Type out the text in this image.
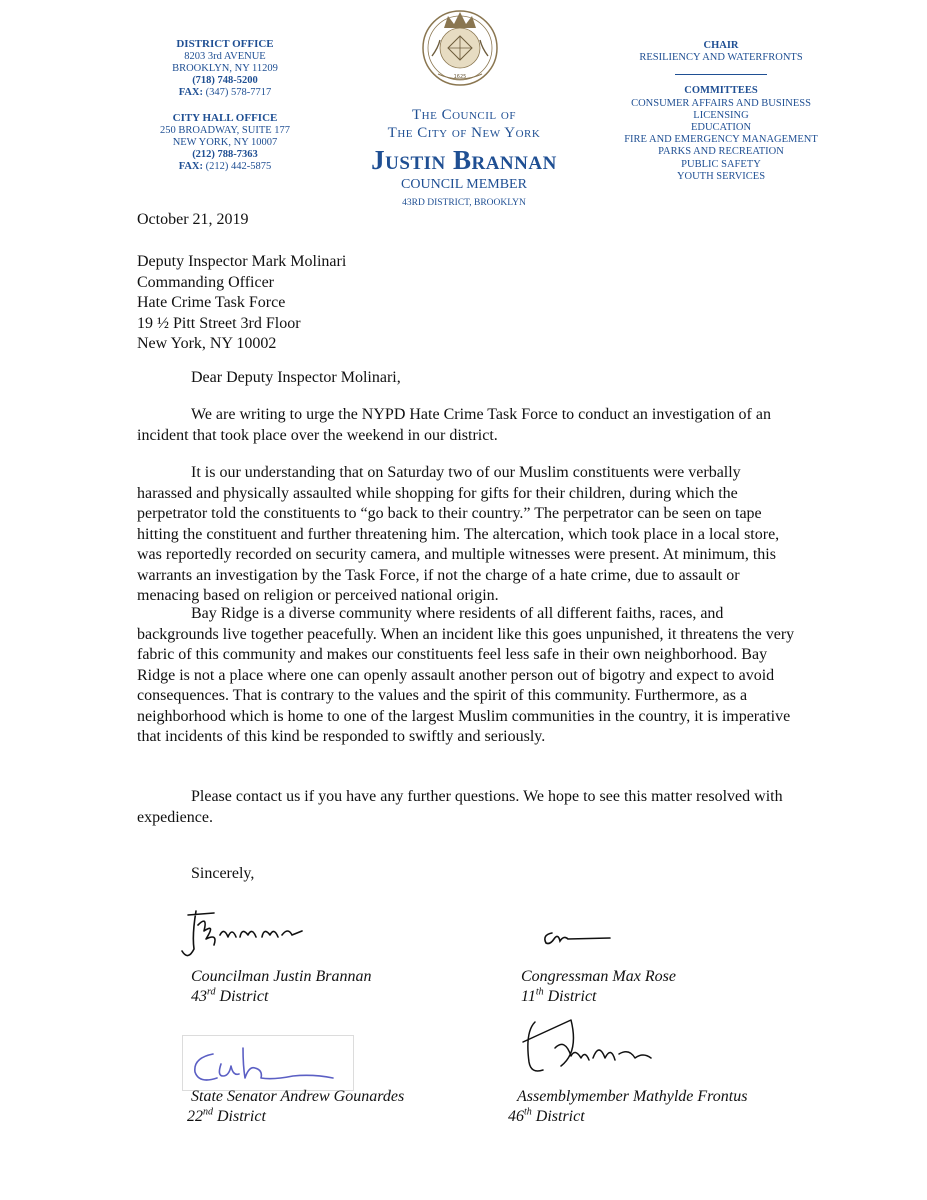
DISTRICT OFFICE
8203 3rd AVENUE
BROOKLYN, NY 11209
(718) 748-5200
FAX: (347) 578-7717
CITY HALL OFFICE
250 BROADWAY, SUITE 177
NEW YORK, NY 10007
(212) 788-7363
FAX: (212) 442-5875
1625
The Council of
The City of New York
Justin Brannan
COUNCIL MEMBER
43RD DISTRICT, BROOKLYN
CHAIR
RESILIENCY AND WATERFRONTS
COMMITTEES
CONSUMER AFFAIRS AND BUSINESS
LICENSING
EDUCATION
FIRE AND EMERGENCY MANAGEMENT
PARKS AND RECREATION
PUBLIC SAFETY
YOUTH SERVICES
October 21, 2019
Deputy Inspector Mark Molinari
Commanding Officer
Hate Crime Task Force
19 ½ Pitt Street 3rd Floor
New York, NY 10002
Dear Deputy Inspector Molinari,

We are writing to urge the NYPD Hate Crime Task Force to conduct an investigation of an incident that took place over the weekend in our district.

It is our understanding that on Saturday two of our Muslim constituents were verbally harassed and physically assaulted while shopping for gifts for their children, during which the perpetrator told the constituents to “go back to their country.” The perpetrator can be seen on tape hitting the constituent and further threatening him. The altercation, which took place in a local store, was reportedly recorded on security camera, and multiple witnesses were present. At minimum, this warrants an investigation by the Task Force, if not the charge of a hate crime, due to assault or menacing based on religion or perceived national origin.

Bay Ridge is a diverse community where residents of all different faiths, races, and backgrounds live together peacefully. When an incident like this goes unpunished, it threatens the very fabric of this community and makes our constituents feel less safe in their own neighborhood. Bay Ridge is not a place where one can openly assault another person out of bigotry and expect to avoid consequences. That is contrary to the values and the spirit of this community. Furthermore, as a neighborhood which is home to one of the largest Muslim communities in the country, it is imperative that incidents of this kind be responded to swiftly and seriously.

Please contact us if you have any further questions. We hope to see this matter resolved with expedience.

Sincerely,
Councilman Justin Brannan
43rd District
Congressman Max Rose
11th District
State Senator Andrew Gounardes
22nd District
Assemblymember Mathylde Frontus
46th District
